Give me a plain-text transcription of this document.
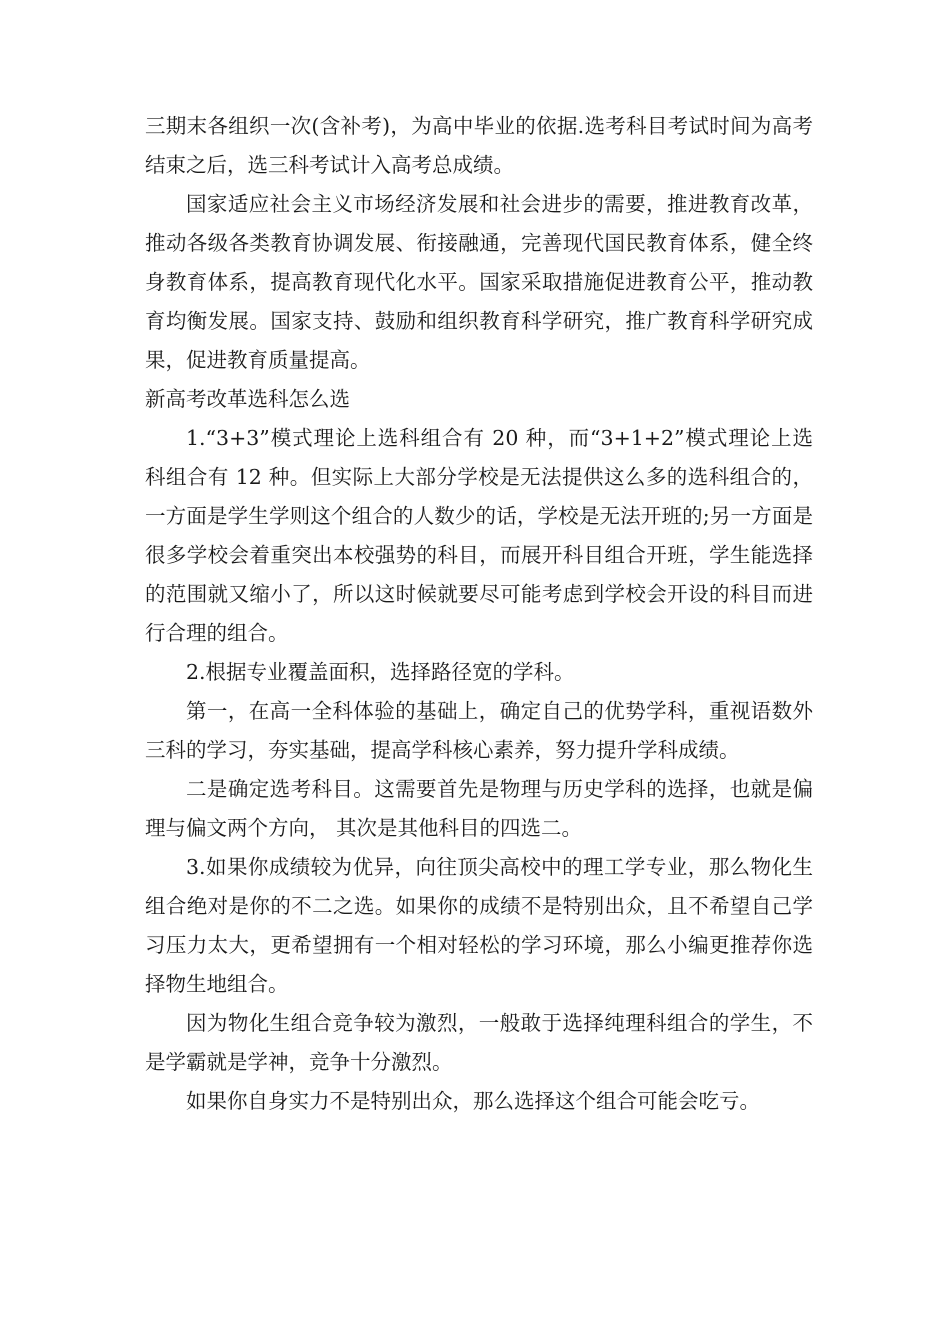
三期末各组织一次(含补考)，为高中毕业的依据.选考科目考试时间为高考结束之后，选三科考试计入高考总成绩。

国家适应社会主义市场经济发展和社会进步的需要，推进教育改革，推动各级各类教育协调发展、衔接融通，完善现代国民教育体系，健全终身教育体系，提高教育现代化水平。国家采取措施促进教育公平，推动教育均衡发展。国家支持、鼓励和组织教育科学研究，推广教育科学研究成果，促进教育质量提高。

新高考改革选科怎么选

1.“3+3”模式理论上选科组合有 20 种，而“3+1+2”模式理论上选科组合有 12 种。但实际上大部分学校是无法提供这么多的选科组合的，一方面是学生学则这个组合的人数少的话，学校是无法开班的;另一方面是很多学校会着重突出本校强势的科目，而展开科目组合开班，学生能选择的范围就又缩小了，所以这时候就要尽可能考虑到学校会开设的科目而进行合理的组合。

2.根据专业覆盖面积，选择路径宽的学科。

第一，在高一全科体验的基础上，确定自己的优势学科，重视语数外三科的学习，夯实基础，提高学科核心素养，努力提升学科成绩。

二是确定选考科目。这需要首先是物理与历史学科的选择，也就是偏理与偏文两个方向， 其次是其他科目的四选二。

3.如果你成绩较为优异，向往顶尖高校中的理工学专业，那么物化生组合绝对是你的不二之选。如果你的成绩不是特别出众，且不希望自己学习压力太大，更希望拥有一个相对轻松的学习环境，那么小编更推荐你选择物生地组合。

因为物化生组合竞争较为激烈，一般敢于选择纯理科组合的学生，不是学霸就是学神，竞争十分激烈。

如果你自身实力不是特别出众，那么选择这个组合可能会吃亏。
